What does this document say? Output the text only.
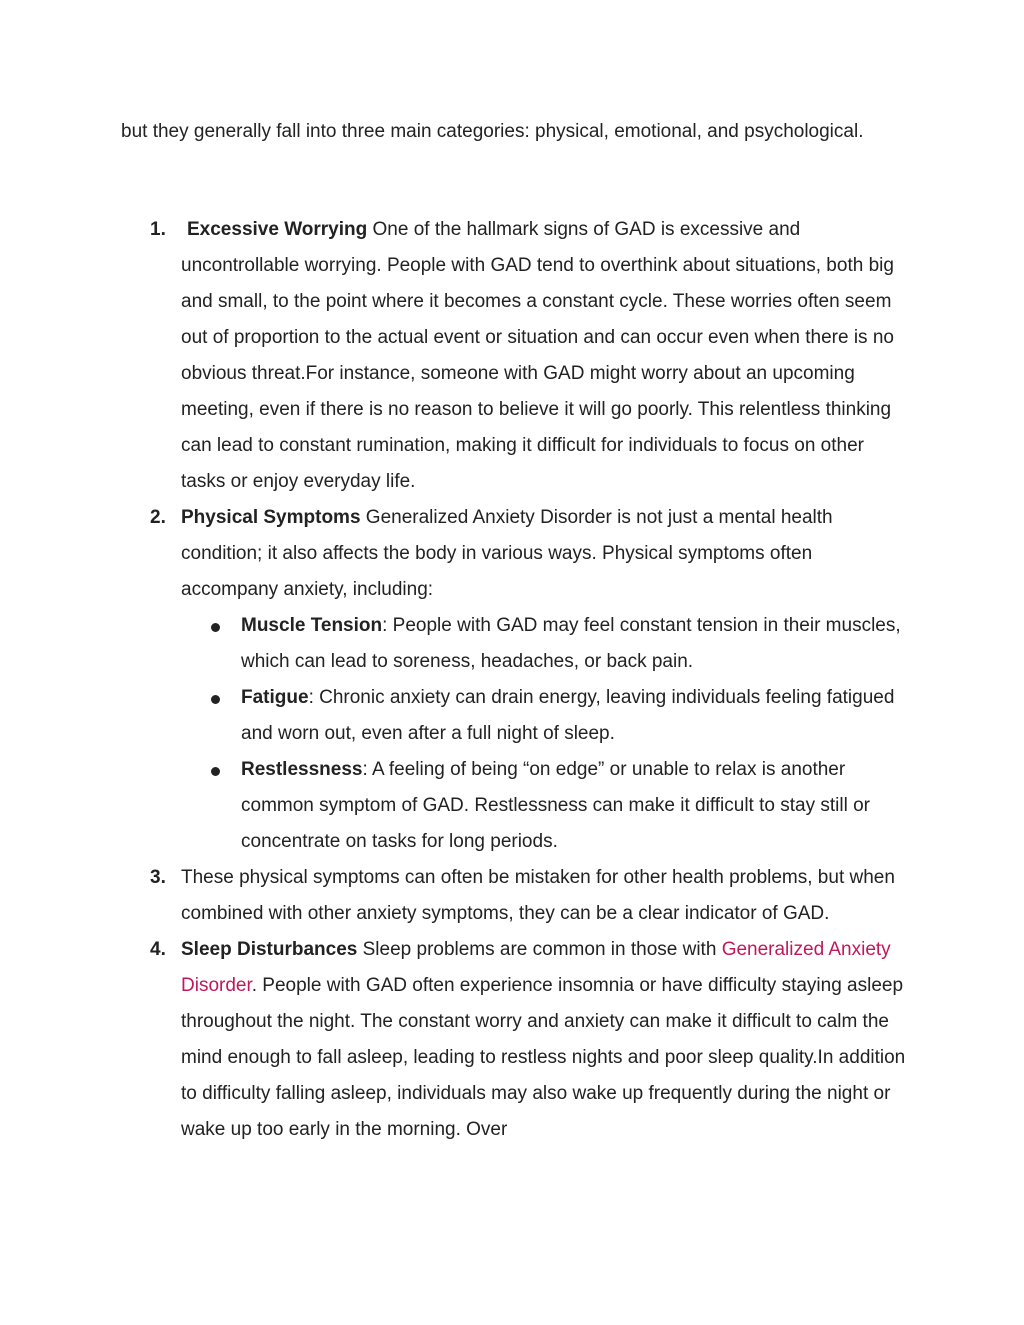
but they generally fall into three main categories: physical, emotional, and psychological.

1. Excessive Worrying One of the hallmark signs of GAD is excessive and uncontrollable worrying. People with GAD tend to overthink about situations, both big and small, to the point where it becomes a constant cycle. These worries often seem out of proportion to the actual event or situation and can occur even when there is no obvious threat.For instance, someone with GAD might worry about an upcoming meeting, even if there is no reason to believe it will go poorly. This relentless thinking can lead to constant rumination, making it difficult for individuals to focus on other tasks or enjoy everyday life.
2. Physical Symptoms Generalized Anxiety Disorder is not just a mental health condition; it also affects the body in various ways. Physical symptoms often accompany anxiety, including:
Muscle Tension: People with GAD may feel constant tension in their muscles, which can lead to soreness, headaches, or back pain.
Fatigue: Chronic anxiety can drain energy, leaving individuals feeling fatigued and worn out, even after a full night of sleep.
Restlessness: A feeling of being “on edge” or unable to relax is another common symptom of GAD. Restlessness can make it difficult to stay still or concentrate on tasks for long periods.
3. These physical symptoms can often be mistaken for other health problems, but when combined with other anxiety symptoms, they can be a clear indicator of GAD.
4. Sleep Disturbances Sleep problems are common in those with Generalized Anxiety Disorder. People with GAD often experience insomnia or have difficulty staying asleep throughout the night. The constant worry and anxiety can make it difficult to calm the mind enough to fall asleep, leading to restless nights and poor sleep quality.In addition to difficulty falling asleep, individuals may also wake up frequently during the night or wake up too early in the morning. Over
